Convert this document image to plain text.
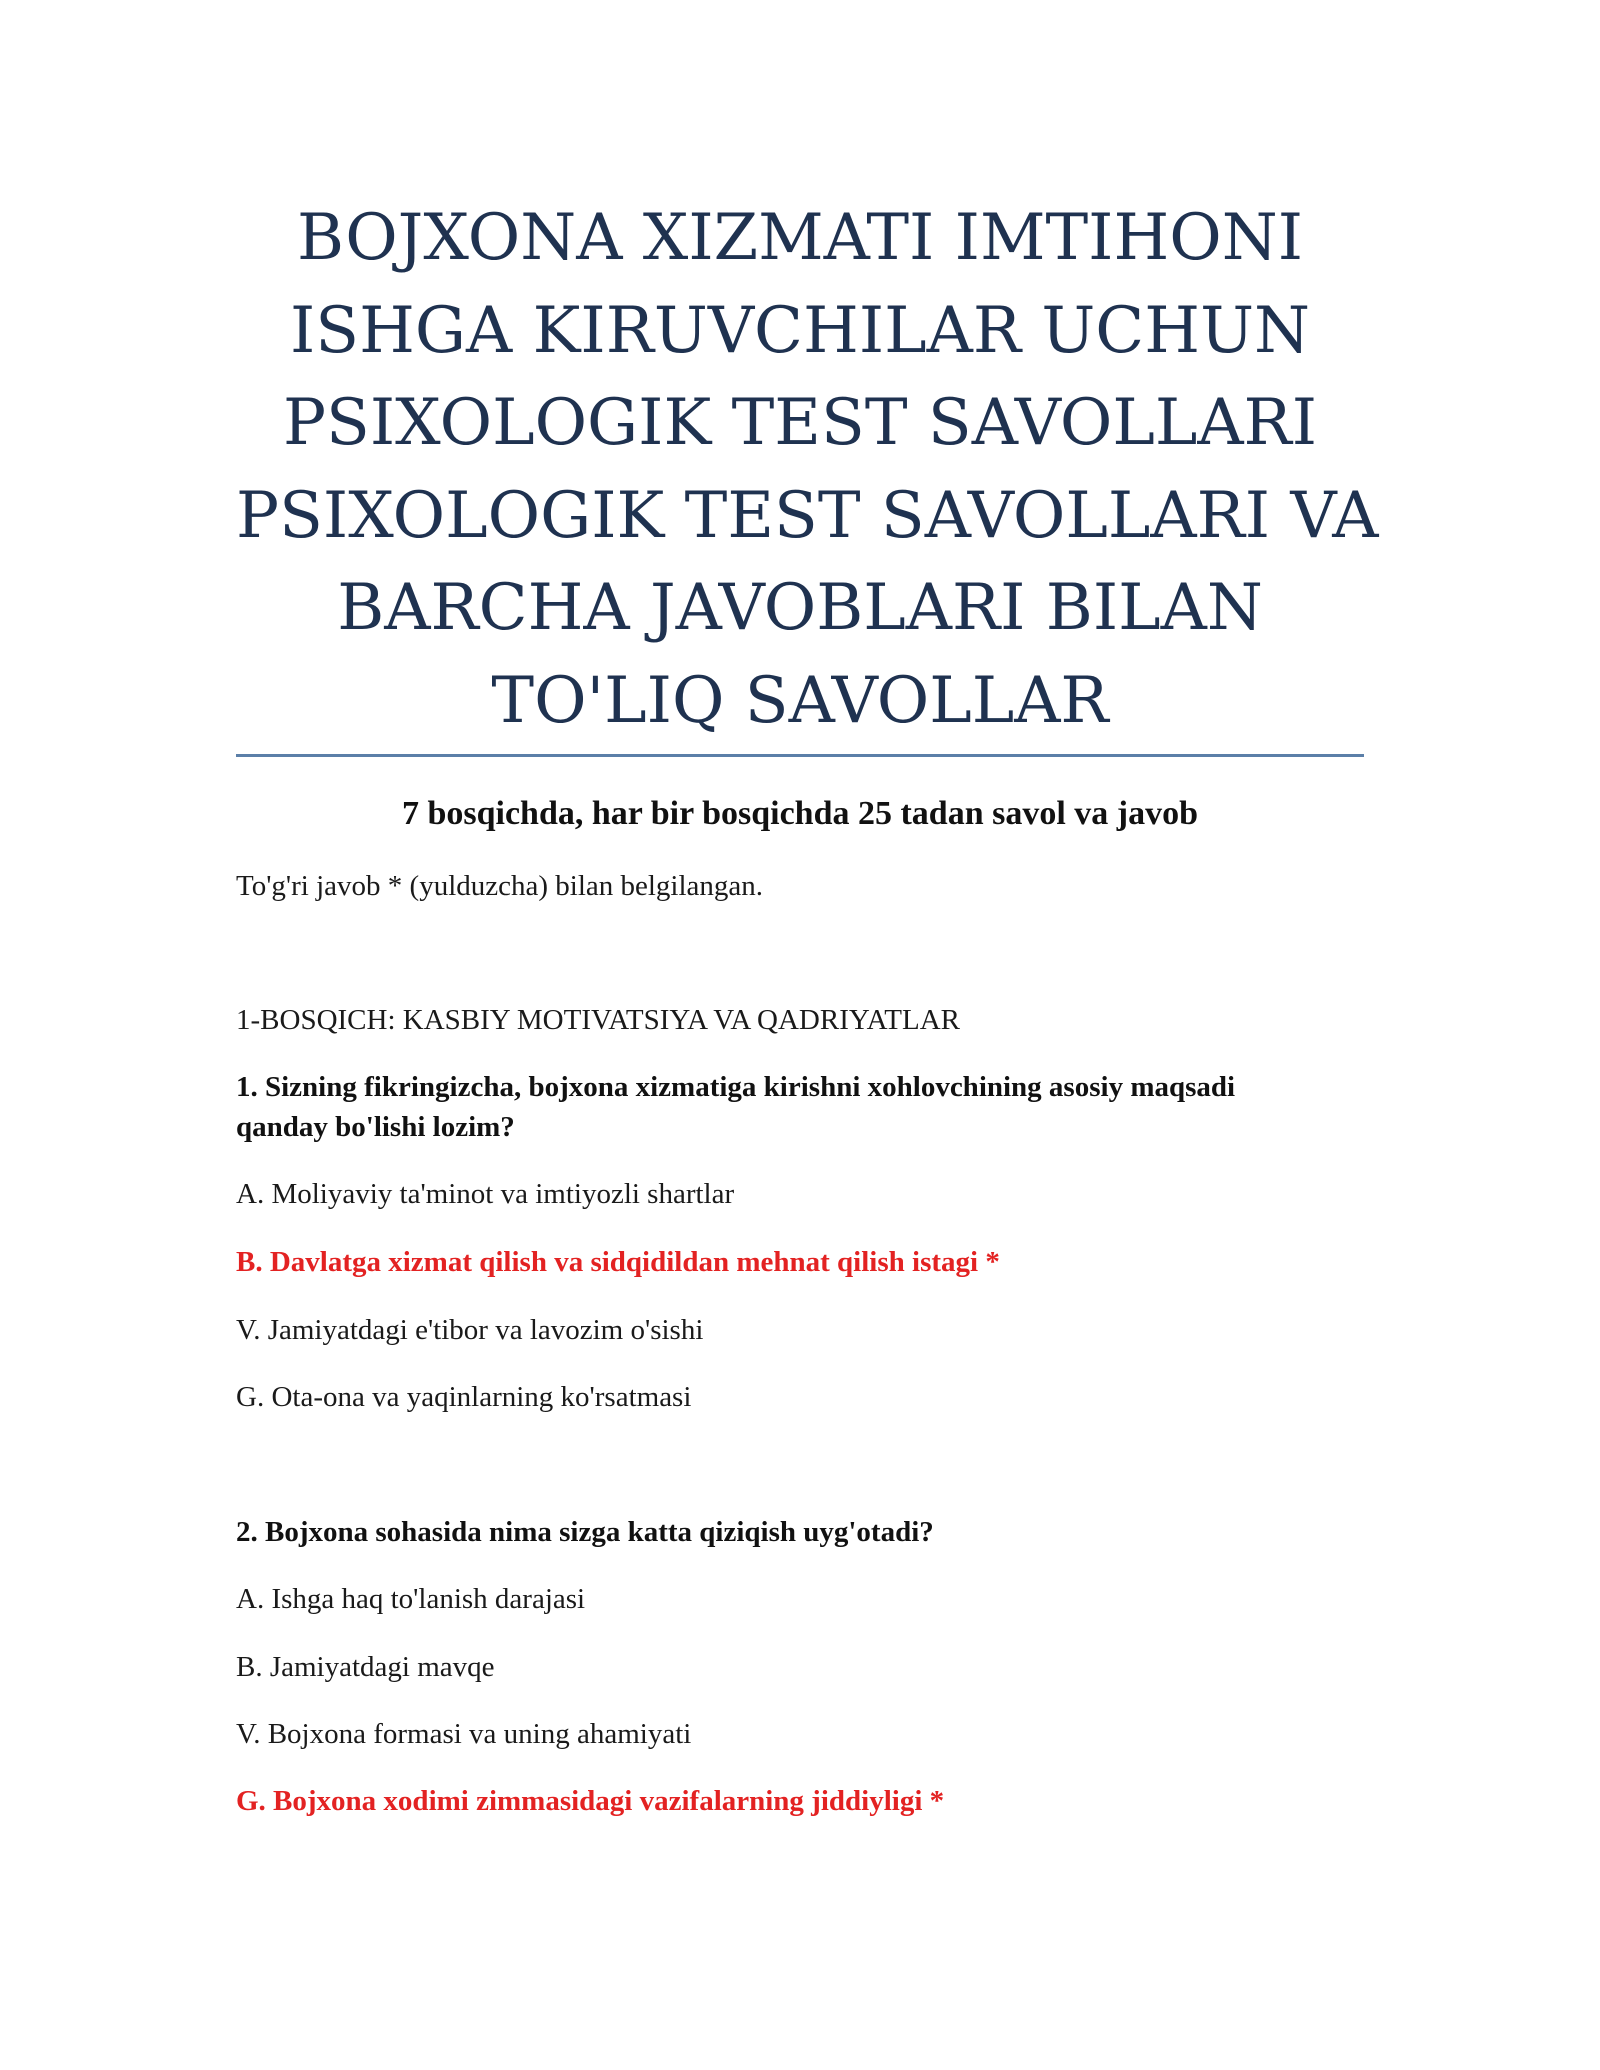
BOJXONA XIZMATI IMTIHONI
ISHGA KIRUVCHILAR UCHUN
PSIXOLOGIK TEST SAVOLLARI
PSIXOLOGIK TEST SAVOLLARI VA
BARCHA JAVOBLARI BILAN
TO'LIQ SAVOLLAR
7 bosqichda, har bir bosqichda 25 tadan savol va javob
To'g'ri javob * (yulduzcha) bilan belgilangan.
1-BOSQICH: KASBIY MOTIVATSIYA VA QADRIYATLAR
1. Sizning fikringizcha, bojxona xizmatiga kirishni xohlovchining asosiy maqsadi
qanday bo'lishi lozim?
A. Moliyaviy ta'minot va imtiyozli shartlar
B. Davlatga xizmat qilish va sidqidildan mehnat qilish istagi *
V. Jamiyatdagi e'tibor va lavozim o'sishi
G. Ota-ona va yaqinlarning ko'rsatmasi
2. Bojxona sohasida nima sizga katta qiziqish uyg'otadi?
A. Ishga haq to'lanish darajasi
B. Jamiyatdagi mavqe
V. Bojxona formasi va uning ahamiyati
G. Bojxona xodimi zimmasidagi vazifalarning jiddiyligi *
